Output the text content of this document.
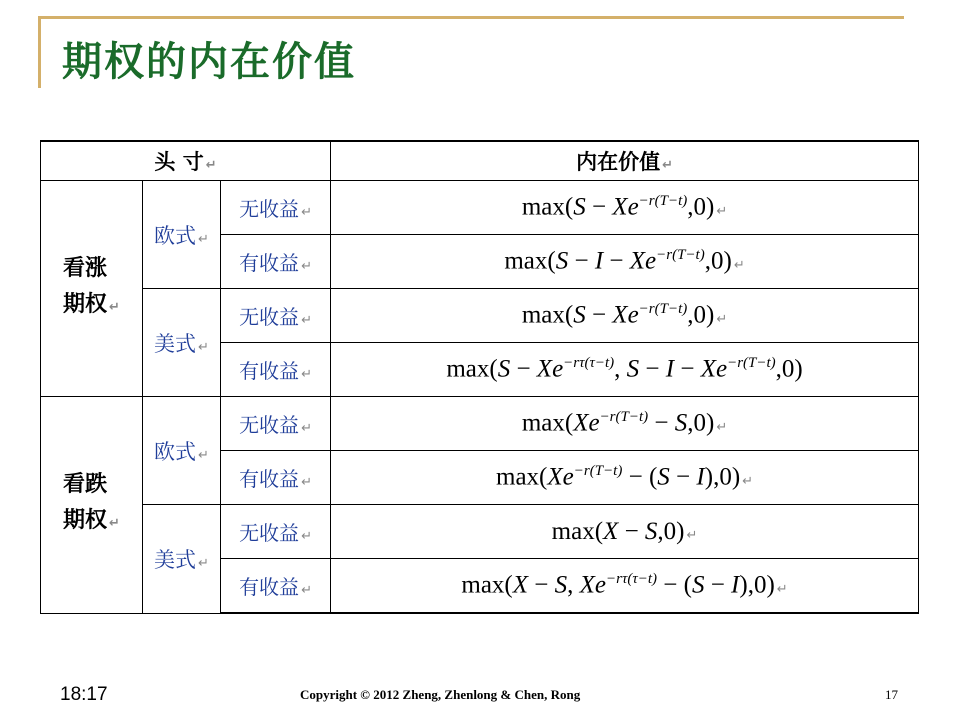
期权的内在价值
头 寸 ↵			内在价值 ↵

看涨
期权 ↵	欧式 ↵	无收益 ↵	$\max(S - Xe^{-r(T-t)},0)$ ↵
		有收益 ↵	$\max(S - I - Xe^{-r(T-t)},0)$ ↵
	美式 ↵	无收益 ↵	$\max(S - Xe^{-r(T-t)},0)$ ↵
		有收益 ↵	$\max(S - Xe^{-r\tau(\tau-t)}$, $S - I - Xe^{-r(T-t)},0$)

看跌
期权 ↵	欧式 ↵	无收益 ↵	$\max(Xe^{-r(T-t)} - S,0)$ ↵
		有收益 ↵	$\max(Xe^{-r(T-t)} - (S - I),0)$ ↵
	美式 ↵	无收益 ↵	max(X − S,0) ↵
		有收益 ↵	max(X − S, $Xe^{-r\tau(\tau-t)} - (S - I),0$) ↵
18:17	Copyright © 2012 Zheng, Zhenlong & Chen, Rong	17
